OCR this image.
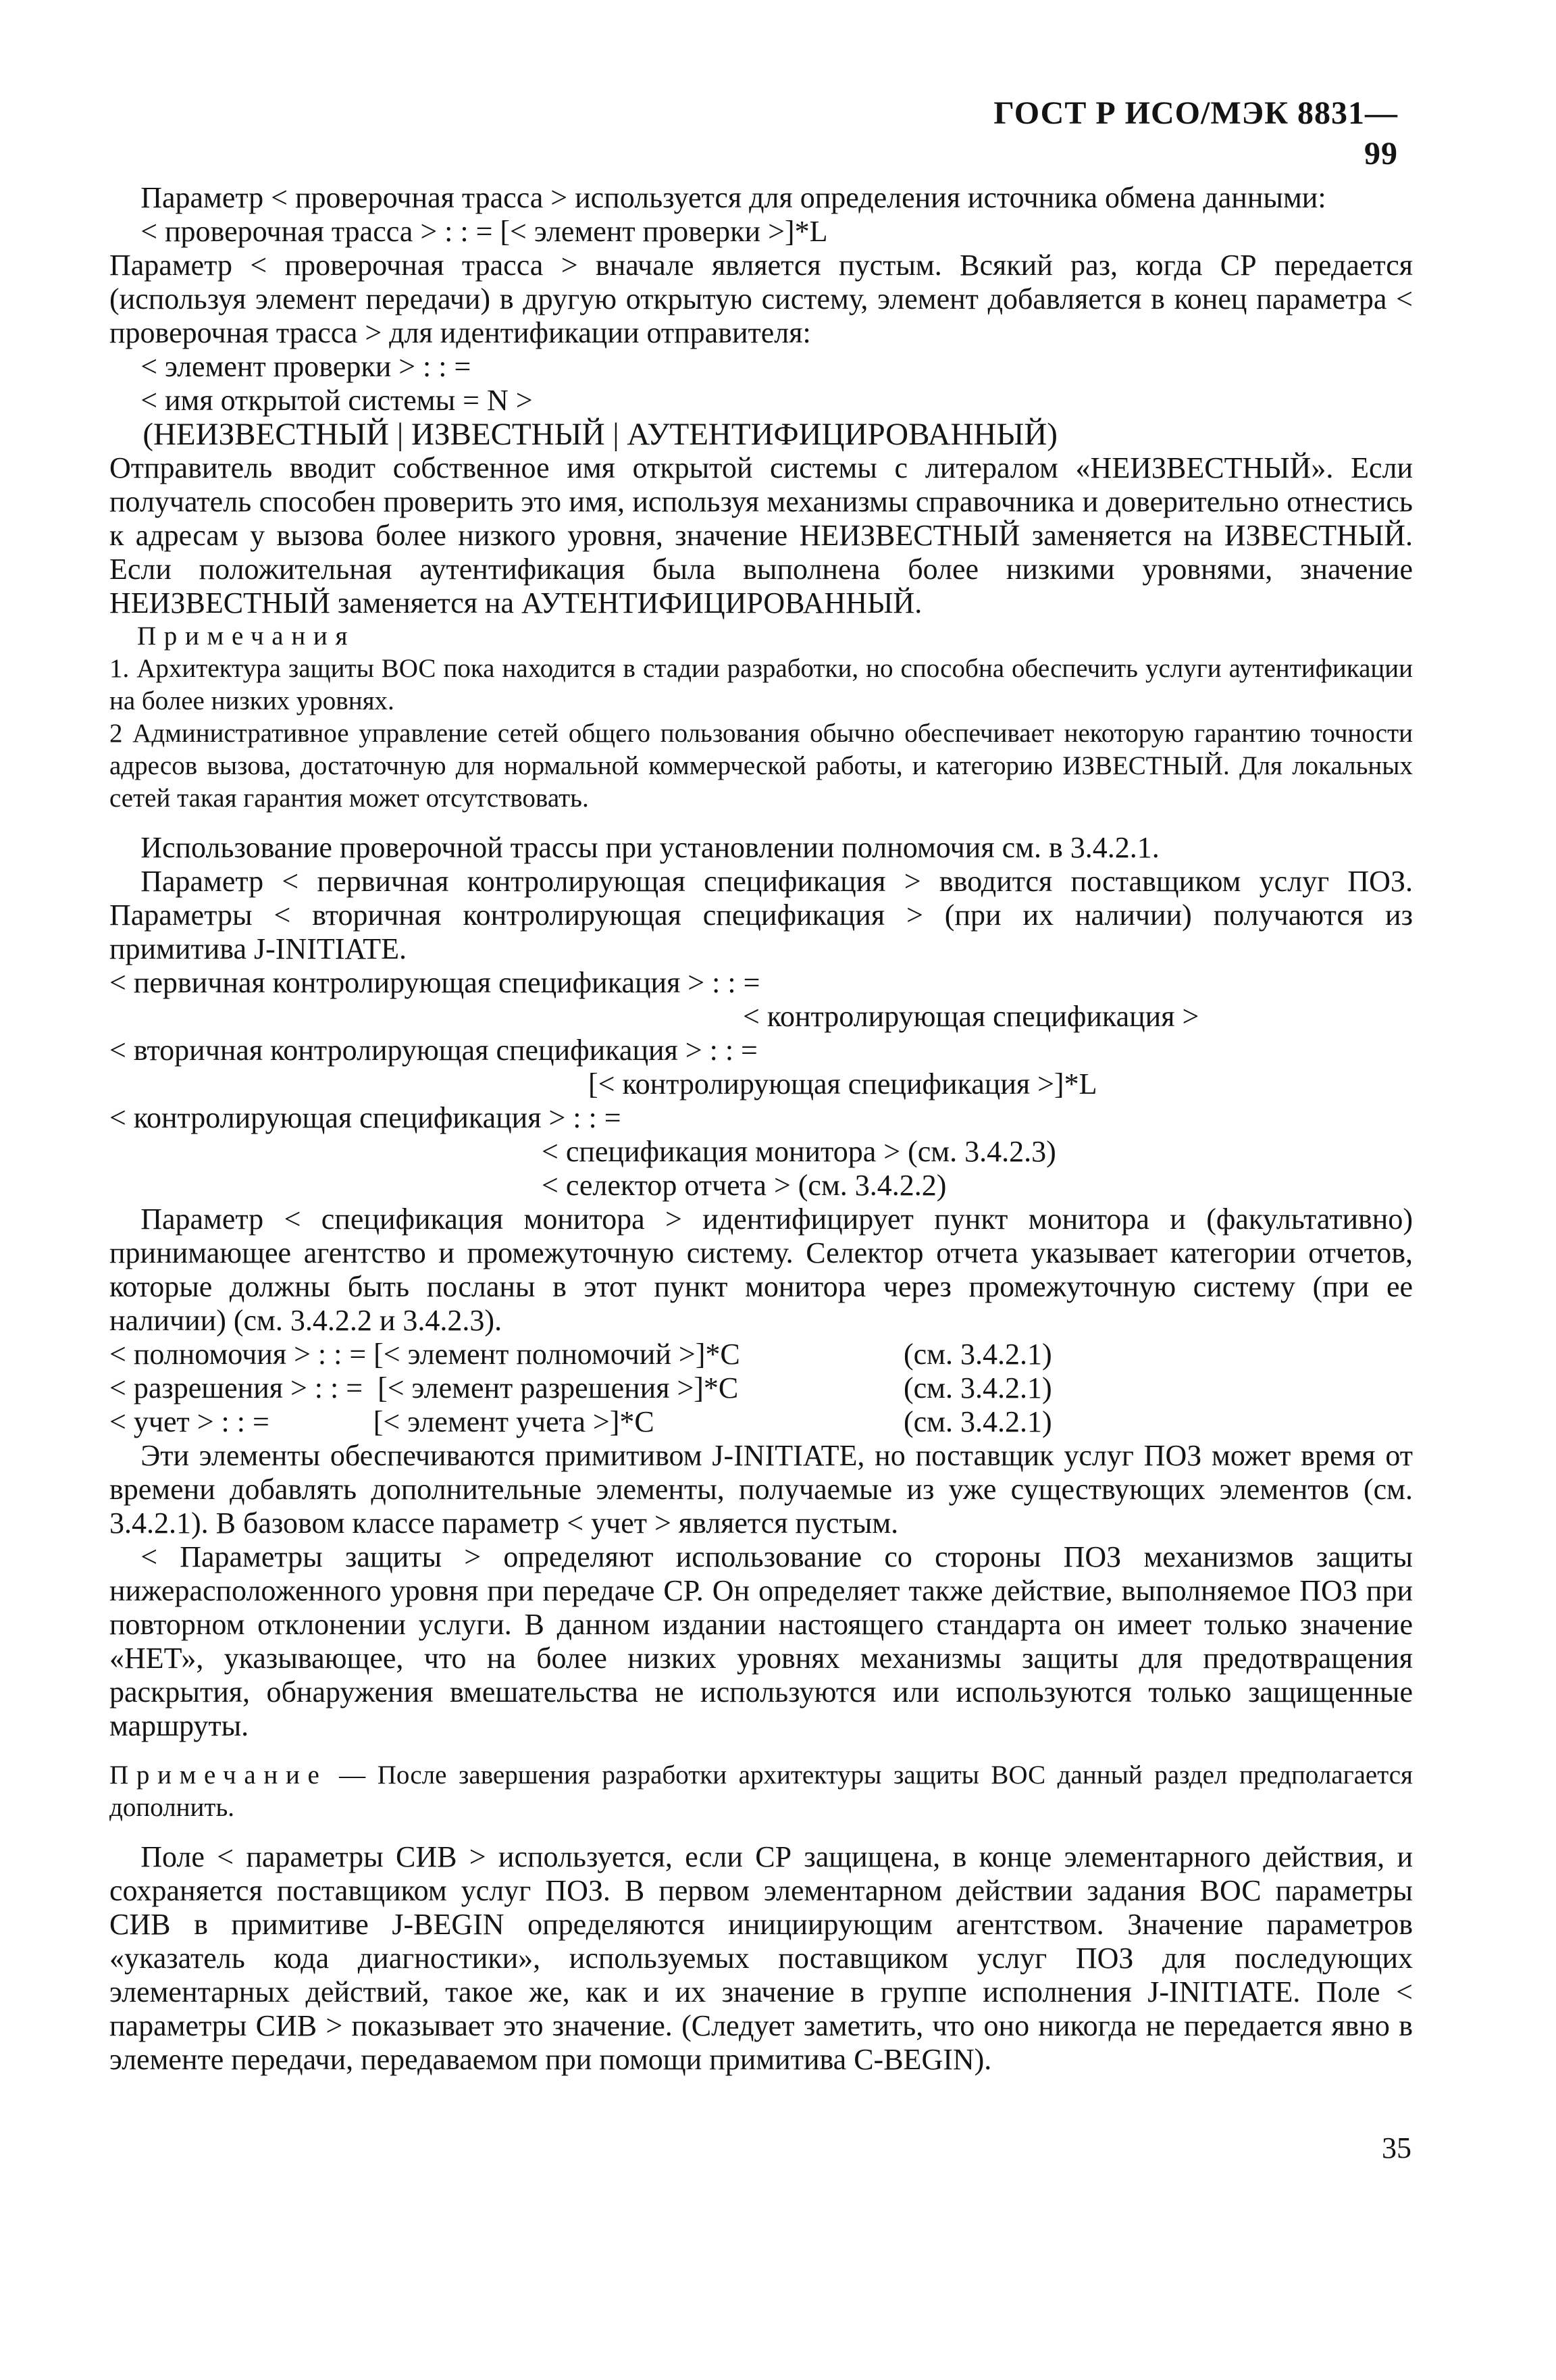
ГОСТ Р ИСО/МЭК 8831—99

Параметр < проверочная трасса > используется для определения источника обмена данными:

< проверочная трасса > : : = [< элемент проверки >]*L

Параметр < проверочная трасса > вначале является пустым. Всякий раз, когда СР передается (используя элемент передачи) в другую открытую систему, элемент добавляется в конец параметра < проверочная трасса > для идентификации отправителя:

< элемент проверки > : : =

< имя открытой системы = N >

(НЕИЗВЕСТНЫЙ | ИЗВЕСТНЫЙ | АУТЕНТИФИЦИРОВАННЫЙ)

Отправитель вводит собственное имя открытой системы с литералом «НЕИЗВЕСТНЫЙ». Если получатель способен проверить это имя, используя механизмы справочника и доверительно отнестись к адресам у вызова более низкого уровня, значение НЕИЗВЕСТНЫЙ заменяется на ИЗВЕСТНЫЙ. Если положительная аутентификация была выполнена более низкими уровнями, значение НЕИЗВЕСТНЫЙ заменяется на АУТЕНТИФИЦИРОВАННЫЙ.

Примечания

1. Архитектура защиты ВОС пока находится в стадии разработки, но способна обеспечить услуги аутентификации на более низких уровнях.

2 Административное управление сетей общего пользования обычно обеспечивает некоторую гарантию точности адресов вызова, достаточную для нормальной коммерческой работы, и категорию ИЗВЕСТНЫЙ. Для локальных сетей такая гарантия может отсутствовать.

Использование проверочной трассы при установлении полномочия см. в 3.4.2.1.

Параметр < первичная контролирующая спецификация > вводится поставщиком услуг ПОЗ. Параметры < вторичная контролирующая спецификация > (при их наличии) получаются из примитива J-INITIATE.

< первичная контролирующая спецификация > : : =

< контролирующая спецификация >

< вторичная контролирующая спецификация > : : =

[< контролирующая спецификация >]*L

< контролирующая спецификация > : : =

< спецификация монитора > (см. 3.4.2.3)

< селектор отчета > (см. 3.4.2.2)

Параметр < спецификация монитора > идентифицирует пункт монитора и (факультативно) принимающее агентство и промежуточную систему. Селектор отчета указывает категории отчетов, которые должны быть посланы в этот пункт монитора через промежуточную систему (при ее наличии) (см. 3.4.2.2 и 3.4.2.3).

< полномочия > : : = [< элемент полномочий >]*C	(см. 3.4.2.1)
< разрешения > : : =  [< элемент разрешения >]*C	(см. 3.4.2.1)
< учет > : : =              [< элемент учета >]*C	(см. 3.4.2.1)

Эти элементы обеспечиваются примитивом J-INITIATE, но поставщик услуг ПОЗ может время от времени добавлять дополнительные элементы, получаемые из уже существующих элементов (см. 3.4.2.1). В базовом классе параметр < учет > является пустым.

< Параметры защиты > определяют использование со стороны ПОЗ механизмов защиты нижерасположенного уровня при передаче СР. Он определяет также действие, выполняемое ПОЗ при повторном отклонении услуги. В данном издании настоящего стандарта он имеет только значение «НЕТ», указывающее, что на более низких уровнях механизмы защиты для предотвращения раскрытия, обнаружения вмешательства не используются или используются только защищенные маршруты.

Примечание — После завершения разработки архитектуры защиты ВОС данный раздел предполагается дополнить.

Поле < параметры СИВ > используется, если СР защищена, в конце элементарного действия, и сохраняется поставщиком услуг ПОЗ. В первом элементарном действии задания ВОС параметры СИВ в примитиве J-BEGIN определяются инициирующим агентством. Значение параметров «указатель кода диагностики», используемых поставщиком услуг ПОЗ для последующих элементарных действий, такое же, как и их значение в группе исполнения J-INITIATE. Поле < параметры СИВ > показывает это значение. (Следует заметить, что оно никогда не передается явно в элементе передачи, передаваемом при помощи примитива С-BEGIN).

35
